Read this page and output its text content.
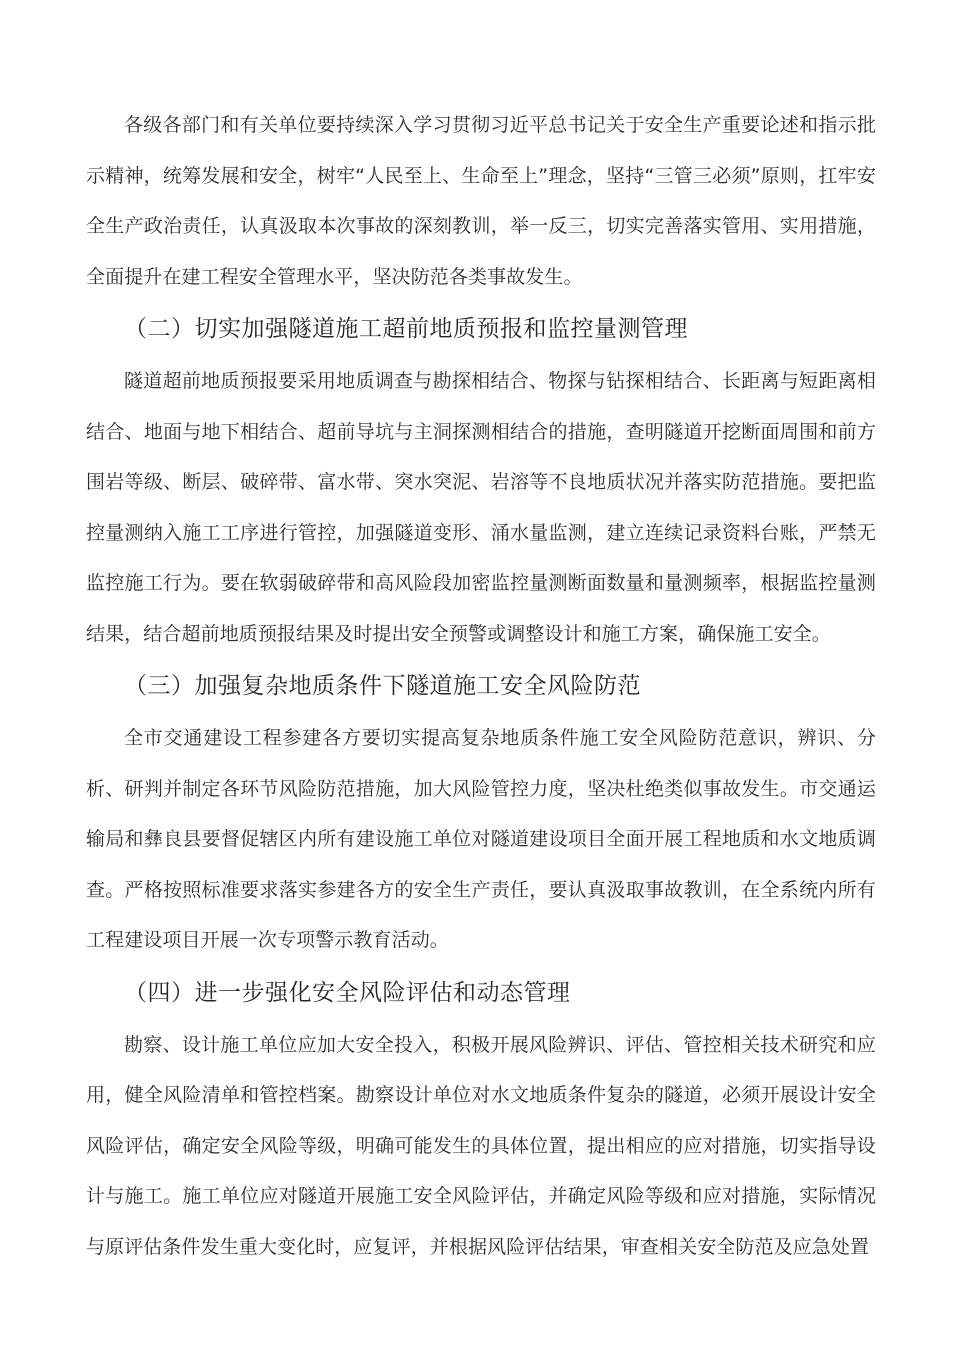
各级各部门和有关单位要持续深入学习贯彻习近平总书记关于安全生产重要论述和指示批示精神，统筹发展和安全，树牢“人民至上、生命至上”理念，坚持“三管三必须”原则，扛牢安全生产政治责任，认真汲取本次事故的深刻教训，举一反三，切实完善落实管用、实用措施，全面提升在建工程安全管理水平，坚决防范各类事故发生。

（二）切实加强隧道施工超前地质预报和监控量测管理

隧道超前地质预报要采用地质调查与勘探相结合、物探与钻探相结合、长距离与短距离相结合、地面与地下相结合、超前导坑与主洞探测相结合的措施，查明隧道开挖断面周围和前方围岩等级、断层、破碎带、富水带、突水突泥、岩溶等不良地质状况并落实防范措施。要把监控量测纳入施工工序进行管控，加强隧道变形、涌水量监测，建立连续记录资料台账，严禁无监控施工行为。要在软弱破碎带和高风险段加密监控量测断面数量和量测频率，根据监控量测结果，结合超前地质预报结果及时提出安全预警或调整设计和施工方案，确保施工安全。

（三）加强复杂地质条件下隧道施工安全风险防范

全市交通建设工程参建各方要切实提高复杂地质条件施工安全风险防范意识，辨识、分析、研判并制定各环节风险防范措施，加大风险管控力度，坚决杜绝类似事故发生。市交通运输局和彝良县要督促辖区内所有建设施工单位对隧道建设项目全面开展工程地质和水文地质调查。严格按照标准要求落实参建各方的安全生产责任，要认真汲取事故教训，在全系统内所有工程建设项目开展一次专项警示教育活动。

（四）进一步强化安全风险评估和动态管理

勘察、设计施工单位应加大安全投入，积极开展风险辨识、评估、管控相关技术研究和应用，健全风险清单和管控档案。勘察设计单位对水文地质条件复杂的隧道，必须开展设计安全风险评估，确定安全风险等级，明确可能发生的具体位置，提出相应的应对措施，切实指导设计与施工。施工单位应对隧道开展施工安全风险评估，并确定风险等级和应对措施，实际情况与原评估条件发生重大变化时，应复评，并根据风险评估结果，审查相关安全防范及应急处置
